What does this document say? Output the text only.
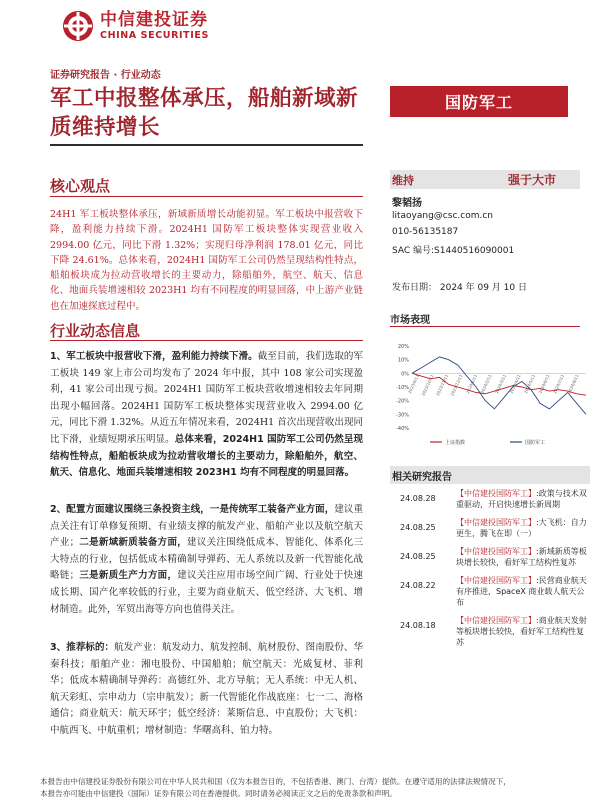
中信建投证券
CHINA SECURITIES
证券研究报告 · 行业动态
军工中报整体承压，船舶新域新质维持增长
国防军工
核心观点
24H1 军工板块整体承压，新域新质增长动能初显。军工板块中报营收下降，盈利能力持续下滑。2024H1 国防军工板块整体实现营业收入 2994.00 亿元，同比下滑 1.32%；实现归母净利润 178.01 亿元，同比下降 24.61%。总体来看，2024H1 国防军工公司仍然呈现结构性特点，船舶板块成为拉动营收增长的主要动力，除船舶外，航空、航天、信息化、地面兵装增速相较 2023H1 均有不同程度的明显回落，中上游产业链也在加速探底过程中。
行业动态信息
1、军工板块中报营收下滑，盈利能力持续下滑。截至目前，我们选取的军工板块 149 家上市公司均发布了 2024 年中报，其中 108 家公司实现盈利，41 家公司出现亏损。2024H1 国防军工板块营收增速相较去年同期出现小幅回落。2024H1 国防军工板块整体实现营业收入 2994.00 亿元，同比下滑 1.32%。从近五年情况来看，2024H1 首次出现营收出现同比下滑，业绩短期承压明显。总体来看，2024H1 国防军工公司仍然呈现结构性特点，船舶板块成为拉动营收增长的主要动力，除船舶外，航空、航天、信息化、地面兵装增速相较 2023H1 均有不同程度的明显回落。
2、配置方面建议围绕三条投资主线，一是传统军工装备产业方面，建议重点关注有订单修复预期、有业绩支撑的航发产业、船舶产业以及航空航天产业；二是新域新质装备方面，建议关注围绕低成本、智能化、体系化三大特点的行业，包括低成本精确制导弹药、无人系统以及新一代智能化战略链；三是新质生产力方面，建议关注应用市场空间广阔、行业处于快速成长期、国产化率较低的行业，主要为商业航天、低空经济、大飞机、增材制造。此外，军贸出海等方向也值得关注。
3、推荐标的：航发产业：航发动力、航发控制、航材股份、图南股份、华秦科技；船舶产业：湘电股份、中国船舶；航空航天：光威复材、菲利华；低成本精确制导弹药：高德红外、北方导航；无人系统：中无人机、航天彩虹、宗申动力（宗申航发）；新一代智能化作战底座：七一二、海格通信；商业航天：航天环宇；低空经济：莱斯信息、中直股份；大飞机：中航西飞、中航重机；增材制造：华曙高科、铂力特。
维持	强于大市
黎韬扬
litaoyang@csc.com.cn
010-56135187
SAC 编号:S1440516090001
发布日期： 2024 年 09 月 10 日
市场表现
20%
10%
0%
-10%
-20%
-30%
-40%
2023/9/11 2023/10/11 2023/11/11 2023/12/11 2024/1/11 2024/2/11 2024/3/11 2024/4/11 2024/5/11 2024/6/11 2024/7/11 2024/8/11
上证指数	国防军工
相关研究报告
24.08.28
【中信建投国防军工】:政策与技术双重驱动，开启快速增长新周期
24.08.25
【中信建投国防军工】:大飞机：自力更生，腾飞在即（一）
24.08.25
【中信建投国防军工】:新域新质等板块增长较快，看好军工结构性复苏
24.08.22
【中信建投国防军工】:民营商业航天有序推进，SpaceX 商业载人航天公布
24.08.18
【中信建投国防军工】:商业航天发射等板块增长较快，看好军工结构性复苏
本报告由中信建投证券股份有限公司在中华人民共和国（仅为本报告目的，不包括香港、澳门、台湾）提供。在遵守适用的法律法规情况下，
本报告亦可能由中信建投（国际）证券有限公司在香港提供。同时请务必阅读正文之后的免责条款和声明。
